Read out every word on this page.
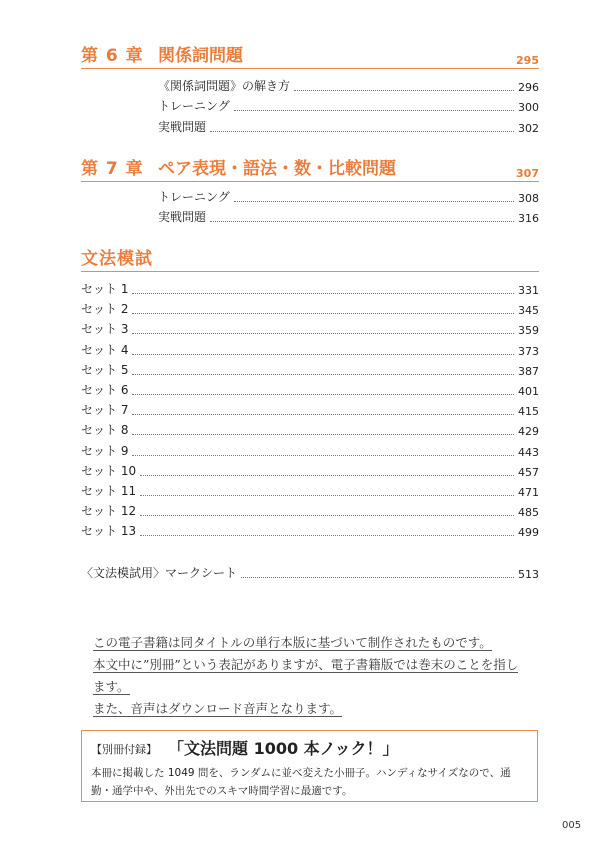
第 6 章 関係詞問題	295
《関係詞問題》の解き方	296
トレーニング	300
実戦問題	302
第 7 章 ペア表現・語法・数・比較問題	307
トレーニング	308
実戦問題	316
文法模試
セット 1	331
セット 2	345
セット 3	359
セット 4	373
セット 5	387
セット 6	401
セット 7	415
セット 8	429
セット 9	443
セット 10	457
セット 11	471
セット 12	485
セット 13	499
〈文法模試用〉マークシート	513
この電子書籍は同タイトルの単行本版に基づいて制作されたものです。
本文中に”別冊”という表記がありますが、電子書籍版では巻末のことを指し
ます。
また、音声はダウンロード音声となります。
【別冊付録】 「文法問題 1000 本ノック！」
本冊に掲載した 1049 問を、ランダムに並べ変えた小冊子。ハンディなサイズなので、通勤・通学中や、外出先でのスキマ時間学習に最適です。
005
